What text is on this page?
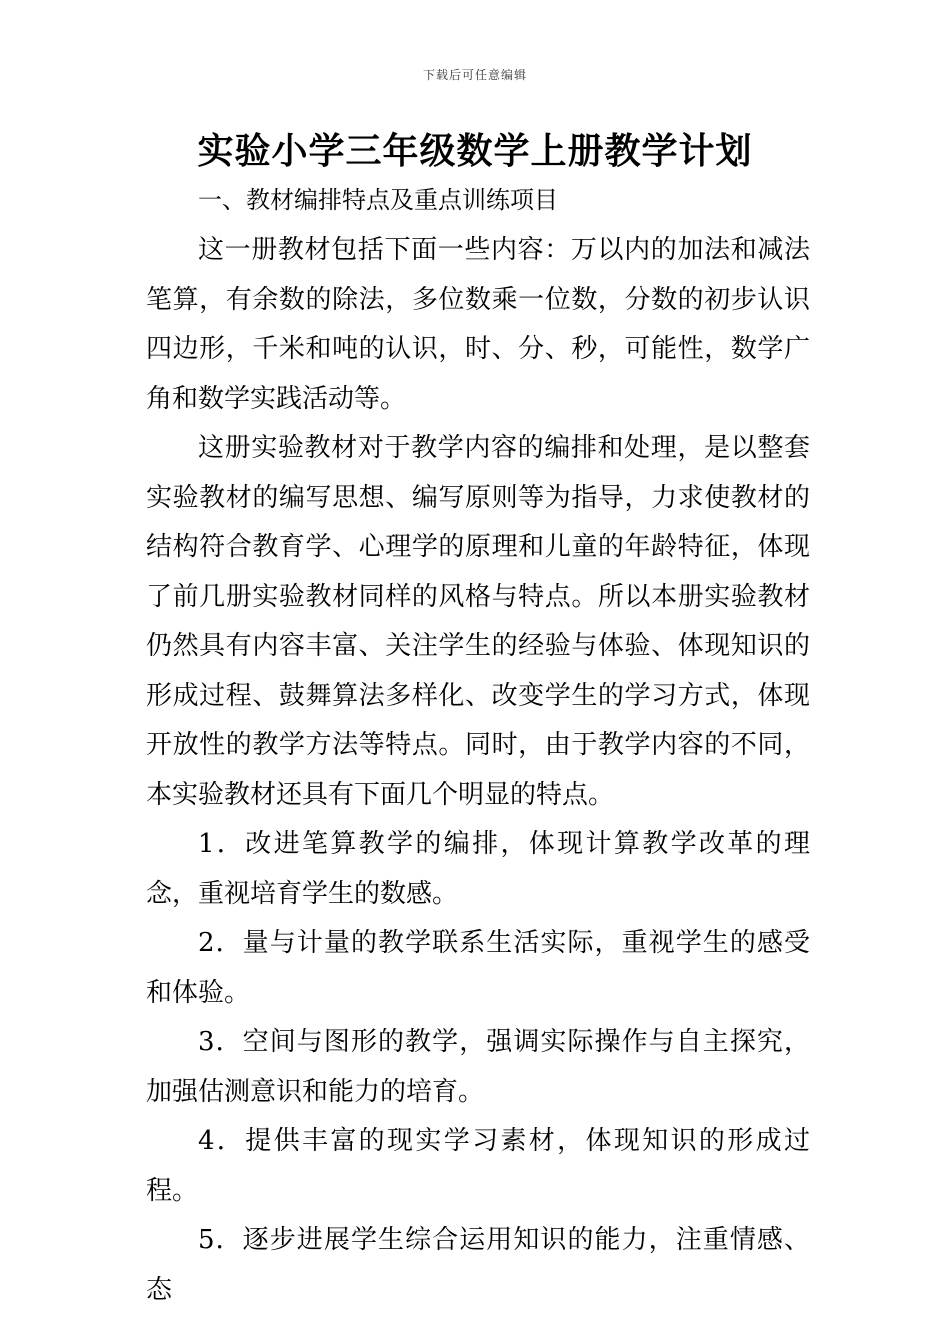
下载后可任意编辑
实验小学三年级数学上册教学计划

一、教材编排特点及重点训练项目

这一册教材包括下面一些内容：万以内的加法和减法笔算，有余数的除法，多位数乘一位数，分数的初步认识四边形，千米和吨的认识，时、分、秒，可能性，数学广角和数学实践活动等。

这册实验教材对于教学内容的编排和处理，是以整套实验教材的编写思想、编写原则等为指导，力求使教材的结构符合教育学、心理学的原理和儿童的年龄特征，体现了前几册实验教材同样的风格与特点。所以本册实验教材仍然具有内容丰富、关注学生的经验与体验、体现知识的形成过程、鼓舞算法多样化、改变学生的学习方式，体现开放性的教学方法等特点。同时，由于教学内容的不同，本实验教材还具有下面几个明显的特点。

1．改进笔算教学的编排，体现计算教学改革的理念，重视培育学生的数感。

2．量与计量的教学联系生活实际，重视学生的感受和体验。

3．空间与图形的教学，强调实际操作与自主探究，加强估测意识和能力的培育。

4．提供丰富的现实学习素材，体现知识的形成过程。

5．逐步进展学生综合运用知识的能力，注重情感、态
